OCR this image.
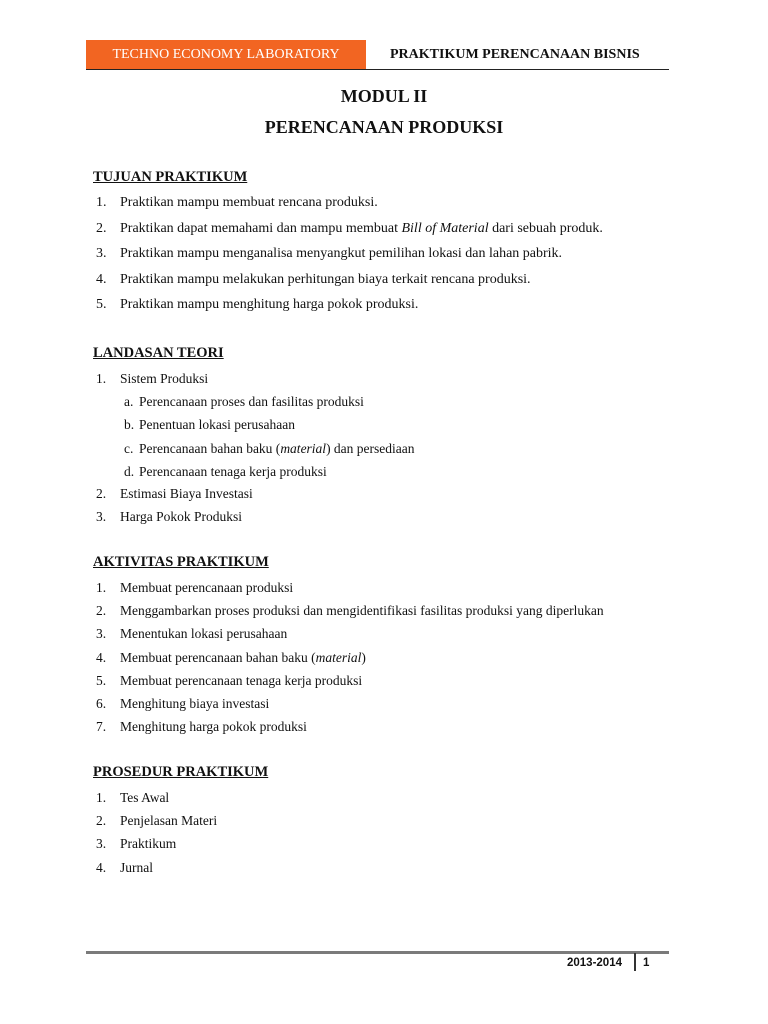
TECHNO ECONOMY LABORATORY	PRAKTIKUM PERENCANAAN BISNIS
MODUL II
PERENCANAAN PRODUKSI
TUJUAN PRAKTIKUM
1. Praktikan mampu membuat rencana produksi.
2. Praktikan dapat memahami dan mampu membuat Bill of Material dari sebuah produk.
3. Praktikan mampu menganalisa menyangkut pemilihan lokasi dan lahan pabrik.
4. Praktikan mampu melakukan perhitungan biaya terkait rencana produksi.
5. Praktikan mampu menghitung harga pokok produksi.
LANDASAN TEORI
1. Sistem Produksi
a. Perencanaan proses dan fasilitas produksi
b. Penentuan lokasi perusahaan
c. Perencanaan bahan baku (material) dan persediaan
d. Perencanaan tenaga kerja produksi
2. Estimasi Biaya Investasi
3. Harga Pokok Produksi
AKTIVITAS PRAKTIKUM
1. Membuat perencanaan produksi
2. Menggambarkan proses produksi dan mengidentifikasi fasilitas produksi yang diperlukan
3. Menentukan lokasi perusahaan
4. Membuat perencanaan bahan baku (material)
5. Membuat perencanaan tenaga kerja produksi
6. Menghitung biaya investasi
7. Menghitung harga pokok produksi
PROSEDUR PRAKTIKUM
1. Tes Awal
2. Penjelasan Materi
3. Praktikum
4. Jurnal
2013-2014 1
